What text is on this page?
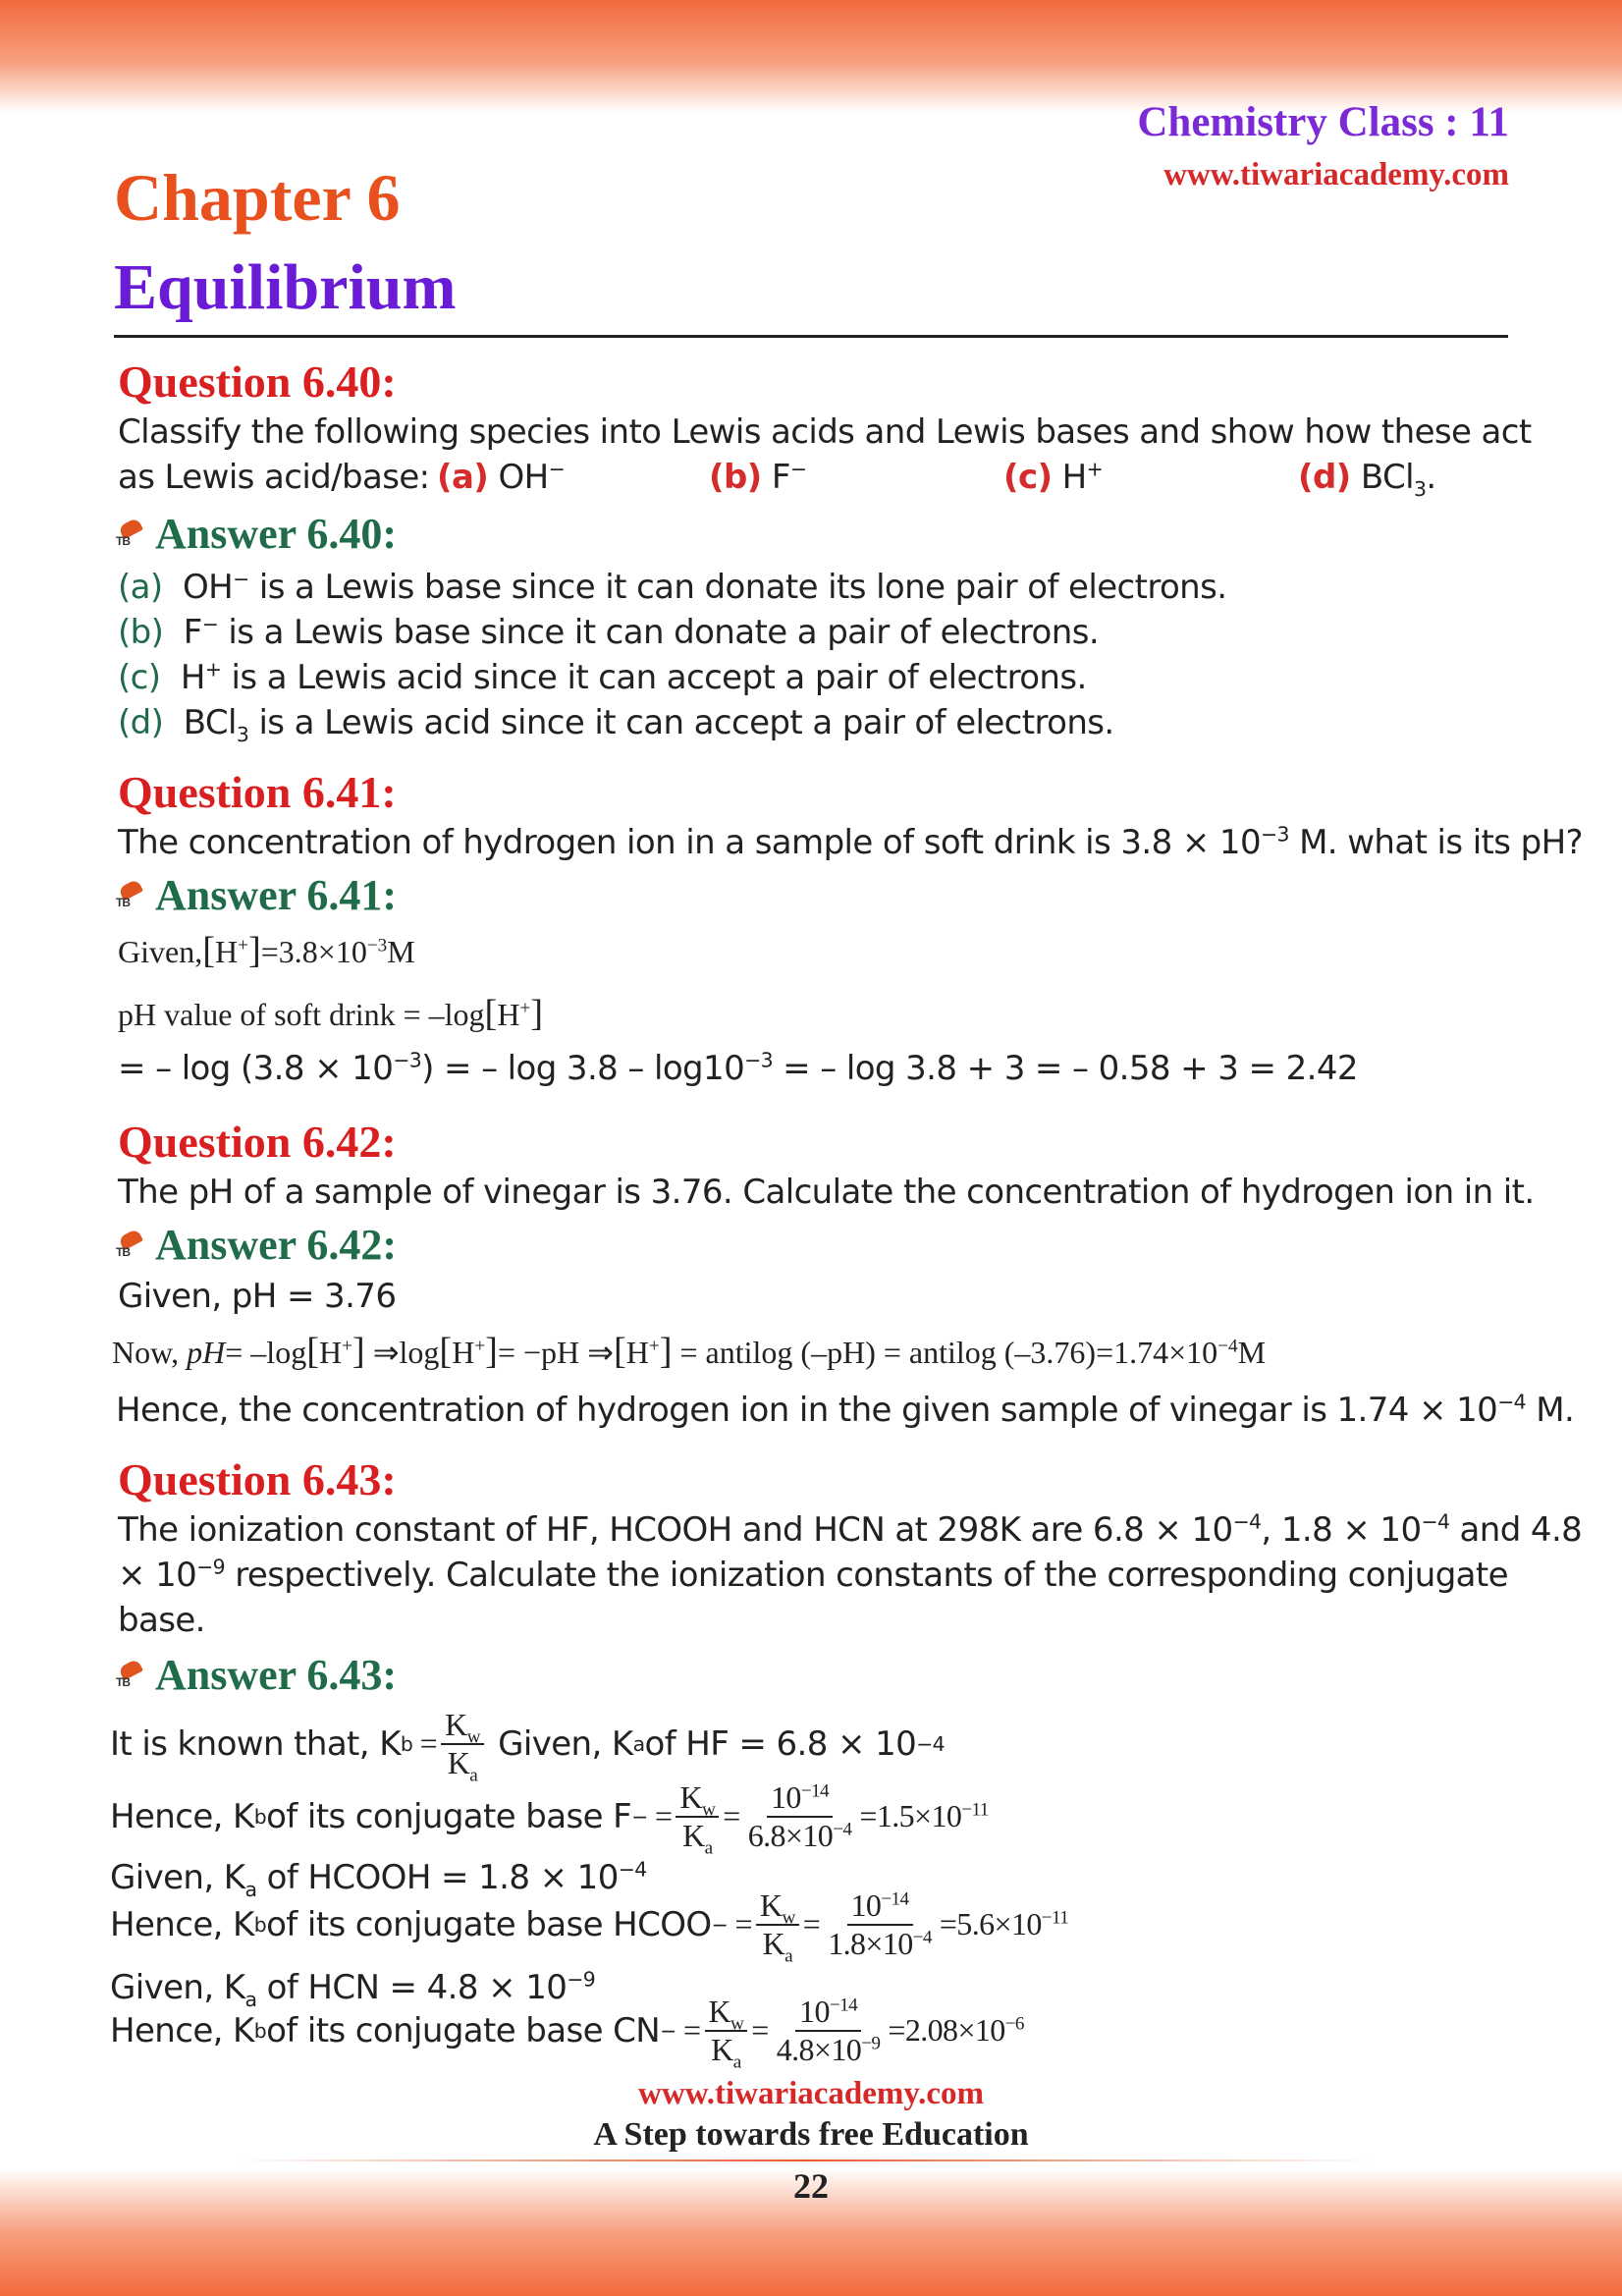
Chemistry Class : 11
www.tiwariacademy.com
Chapter 6
Equilibrium
Question 6.40:
Classify the following species into Lewis acids and Lewis bases and show how these act
as Lewis acid/base: (a) OH−	(b) F−	(c) H+	(d) BCl$_3$.
TB
Answer 6.40:
(a) OH− is a Lewis base since it can donate its lone pair of electrons.
(b) F− is a Lewis base since it can donate a pair of electrons.
(c) H+ is a Lewis acid since it can accept a pair of electrons.
(d) BCl$_3$ is a Lewis acid since it can accept a pair of electrons.
Question 6.41:
The concentration of hydrogen ion in a sample of soft drink is $3.8 \times 10^{-3}$ M. what is its pH?
TB
Answer 6.41:
$Given,[H^+]=3.8\times 10^{-3}M$
pH value of soft drink = –log[H+]
= – $\log (3.8 \times 10^{-3})$ = – $\log 3.8 - \log 10^{-3}$ = – log 3.8 + 3 = – 0.58 + 3 = 2.42
Question 6.42:
The pH of a sample of vinegar is 3.76. Calculate the concentration of hydrogen ion in it.
TB
Answer 6.42:
Given, pH = 3.76
Now, pH= –log[H+] ⇒log[H+]= −pH ⇒[H+] = antilog (–pH) = antilog $(-3.76)=1.74\times 10^{-4}M$
Hence, the concentration of hydrogen ion in the given sample of vinegar is $1.74 \times 10^{-4}$ M.
Question 6.43:
The ionization constant of HF, HCOOH and HCN at 298K are $6.8 \times 10^{-4}$, $1.8 \times 10^{-4}$ and 4.8
× $10^{-9}$ respectively. Calculate the ionization constants of the corresponding conjugate
base.
TB
Answer 6.43:
It is known that, K $b = \frac{K_w}{K_a}$
Given, K a of HF = 6.8 × 10 −4
Hence, K b of its conjugate base F − = $\frac{K_w}{K_a} = \frac{10^{-14}}{6.8\times 10^{-4}} =1.5\times 10^{-11}$
Given, $K_a$ of HCOOH = $1.8 \times 10^{-4}$
Hence, K b of its conjugate base HCOO − = $\frac{K_w}{K_a} = \frac{10^{-14}}{1.8\times 10^{-4}} =5.6\times 10^{-11}$
Given, $K_a$ of HCN = $4.8 \times 10^{-9}$
Hence, K b of its conjugate base CN − = $\frac{K_w}{K_a} = \frac{10^{-14}}{4.8\times 10^{-9}} =2.08\times 10^{-6}$
www.tiwariacademy.com
A Step towards free Education
22
